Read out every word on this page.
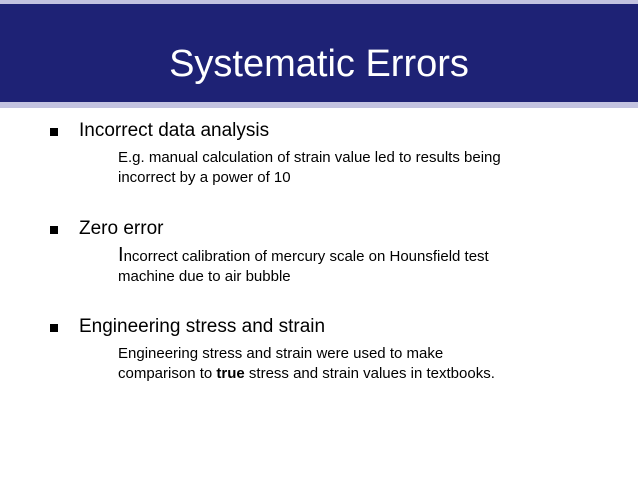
Systematic Errors
Incorrect data analysis
E.g. manual calculation of strain value led to results being
incorrect by a power of 10
Zero error
Incorrect calibration of mercury scale on Hounsfield test
machine due to air bubble
Engineering stress and strain
Engineering stress and strain were used to make
comparison to true stress and strain values in textbooks.
